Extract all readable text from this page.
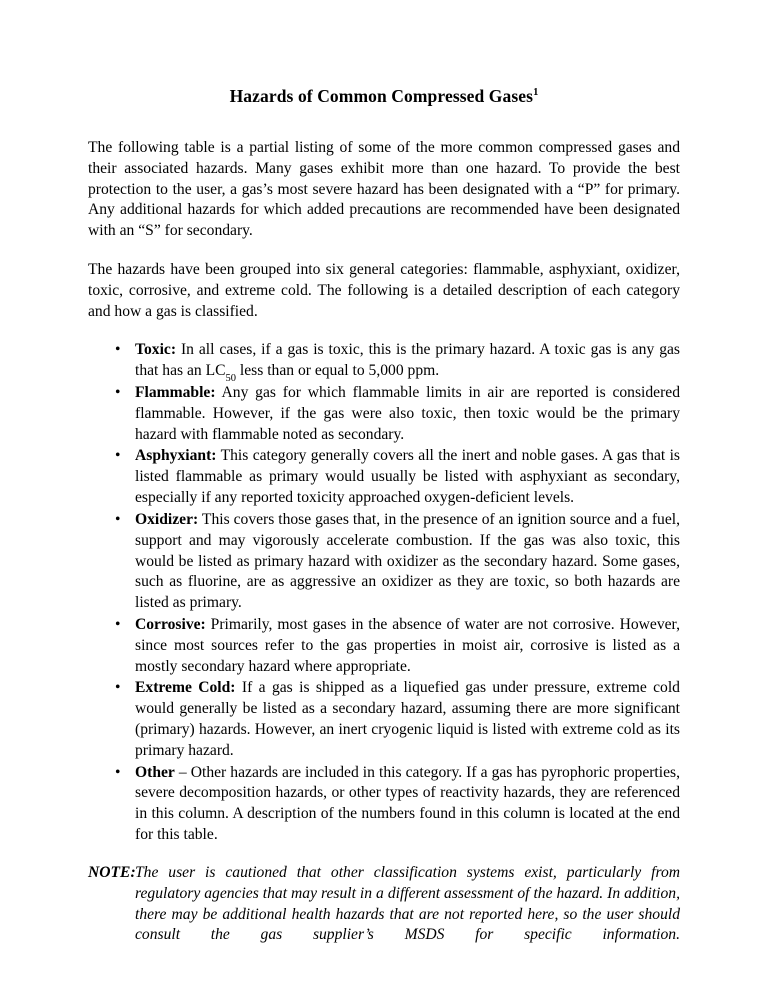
Hazards of Common Compressed Gases$^1$

The following table is a partial listing of some of the more common compressed gases and their associated hazards. Many gases exhibit more than one hazard. To provide the best protection to the user, a gas’s most severe hazard has been designated with a “P” for primary. Any additional hazards for which added precautions are recommended have been designated with an “S” for secondary.

The hazards have been grouped into six general categories: flammable, asphyxiant, oxidizer, toxic, corrosive, and extreme cold. The following is a detailed description of each category and how a gas is classified.

• Toxic: In all cases, if a gas is toxic, this is the primary hazard. A toxic gas is any gas that has an $LC_{50}$ less than or equal to 5,000 ppm.
• Flammable: Any gas for which flammable limits in air are reported is considered flammable. However, if the gas were also toxic, then toxic would be the primary hazard with flammable noted as secondary.
• Asphyxiant: This category generally covers all the inert and noble gases. A gas that is listed flammable as primary would usually be listed with asphyxiant as secondary, especially if any reported toxicity approached oxygen-deficient levels.
• Oxidizer: This covers those gases that, in the presence of an ignition source and a fuel, support and may vigorously accelerate combustion. If the gas was also toxic, this would be listed as primary hazard with oxidizer as the secondary hazard. Some gases, such as fluorine, are as aggressive an oxidizer as they are toxic, so both hazards are listed as primary.
• Corrosive: Primarily, most gases in the absence of water are not corrosive. However, since most sources refer to the gas properties in moist air, corrosive is listed as a mostly secondary hazard where appropriate.
• Extreme Cold: If a gas is shipped as a liquefied gas under pressure, extreme cold would generally be listed as a secondary hazard, assuming there are more significant (primary) hazards. However, an inert cryogenic liquid is listed with extreme cold as its primary hazard.
• Other – Other hazards are included in this category. If a gas has pyrophoric properties, severe decomposition hazards, or other types of reactivity hazards, they are referenced in this column. A description of the numbers found in this column is located at the end for this table.
NOTE: The user is cautioned that other classification systems exist, particularly from regulatory agencies that may result in a different assessment of the hazard. In addition, there may be additional health hazards that are not reported here, so the user should consult the gas supplier’s MSDS for specific information.
